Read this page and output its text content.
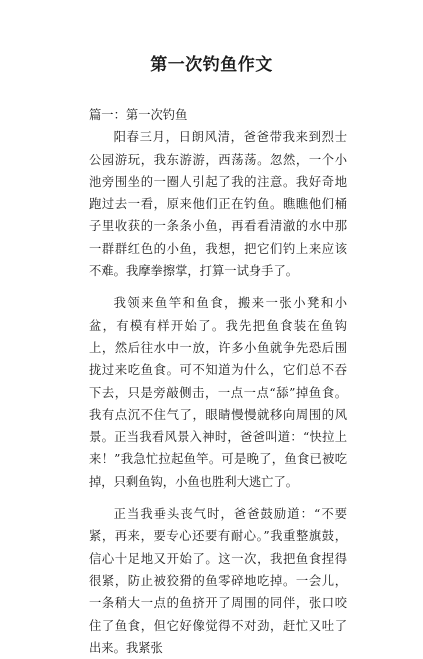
第一次钓鱼作文

篇一：第一次钓鱼

阳春三月，日朗风清，爸爸带我来到烈士公园游玩，我东游游，西荡荡。忽然，一个小池旁围坐的一圈人引起了我的注意。我好奇地跑过去一看，原来他们正在钓鱼。瞧瞧他们桶子里收获的一条条小鱼，再看看清澈的水中那一群群红色的小鱼，我想，把它们钓上来应该不难。我摩拳擦掌，打算一试身手了。

我领来鱼竿和鱼食，搬来一张小凳和小盆，有模有样开始了。我先把鱼食装在鱼钩上，然后往水中一放，许多小鱼就争先恐后围拢过来吃鱼食。可不知道为什么，它们总不吞下去，只是旁敲侧击，一点一点“舔”掉鱼食。我有点沉不住气了，眼睛慢慢就移向周围的风景。正当我看风景入神时，爸爸叫道：“快拉上来！”我急忙拉起鱼竿。可是晚了，鱼食已被吃掉，只剩鱼钩，小鱼也胜利大逃亡了。

正当我垂头丧气时，爸爸鼓励道：“不要紧，再来，要专心还要有耐心。”我重整旗鼓，信心十足地又开始了。这一次，我把鱼食捏得很紧，防止被狡猾的鱼零碎地吃掉。一会儿，一条稍大一点的鱼挤开了周围的同伴，张口咬住了鱼食，但它好像觉得不对劲，赶忙又吐了出来。我紧张
